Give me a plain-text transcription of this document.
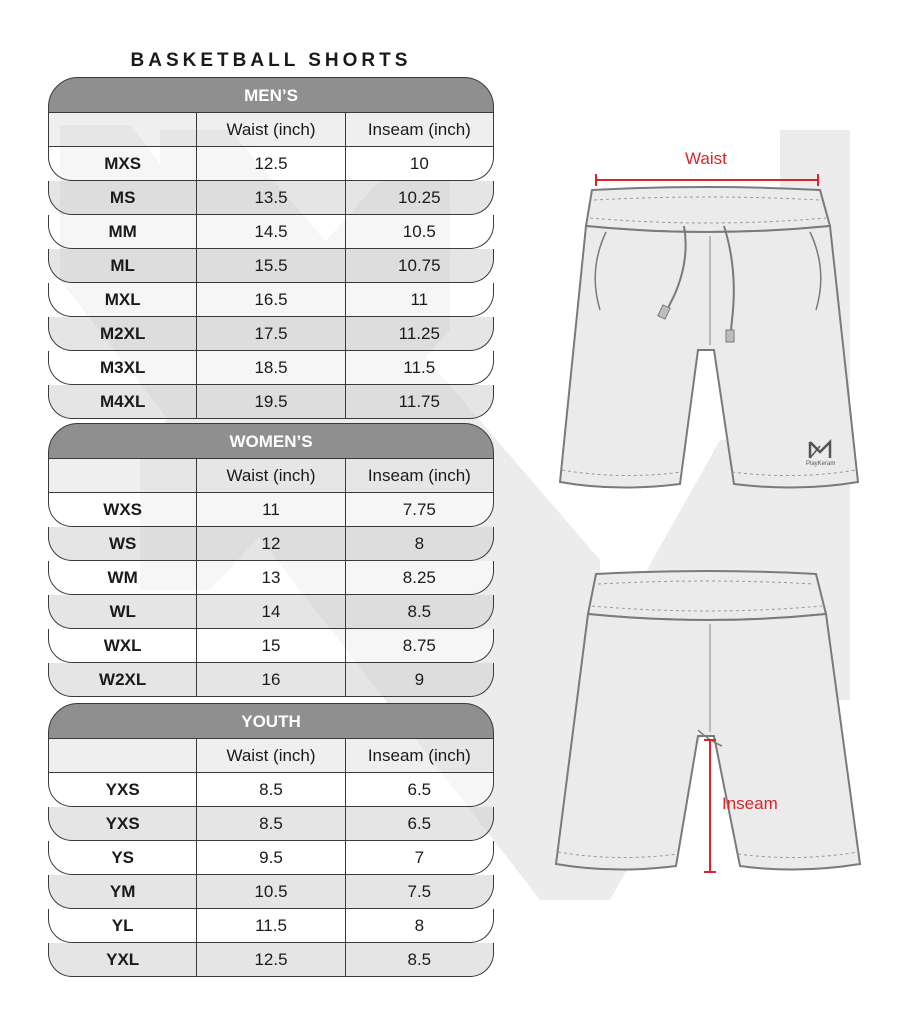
BASKETBALL SHORTS
MEN’S
Waist (inch)	Inseam (inch)
MXS	12.5	10
MS	13.5	10.25
MM	14.5	10.5
ML	15.5	10.75
MXL	16.5	11
M2XL	17.5	11.25
M3XL	18.5	11.5
M4XL	19.5	11.75
WOMEN’S
Waist (inch)	Inseam (inch)
WXS	11	7.75
WS	12	8
WM	13	8.25
WL	14	8.5
WXL	15	8.75
W2XL	16	9
YOUTH
Waist (inch)	Inseam (inch)
YXS	8.5	6.5
YXS	8.5	6.5
YS	9.5	7
YM	10.5	7.5
YL	11.5	8
YXL	12.5	8.5
Waist
Inseam
PlayKeram
